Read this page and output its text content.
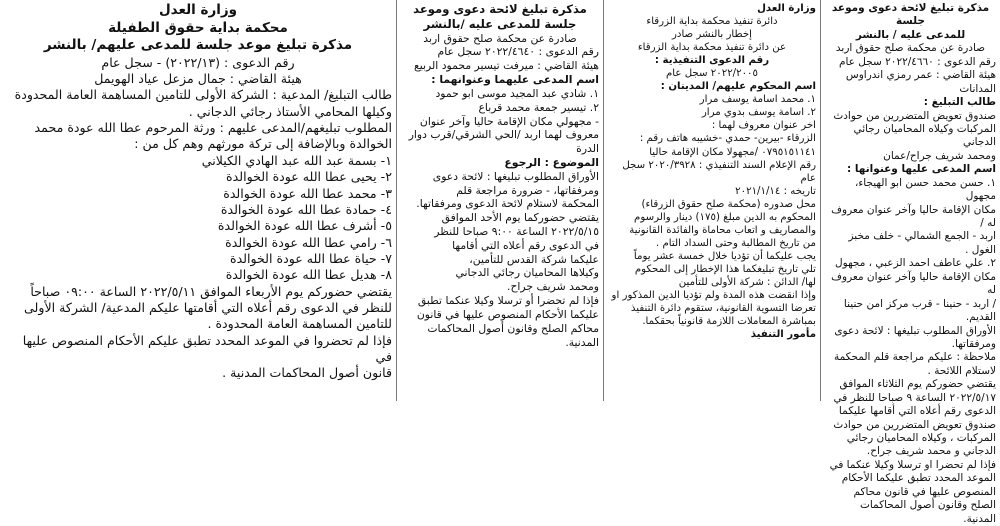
مذكرة تبليغ لائحة دعوى وموعد جلسة

للمدعى عليه / بالنشر

صادرة عن محكمة صلح حقوق اربد

رقم الدعوى : ٢٠٢٢/٤٦٦٠ سجل عام

هيئة القاضي : عمر رمزي اندراوس المدانات

طالب التبليغ :

صندوق تعويض المتضررين من حوادث

المركبات وكيلاه المحاميان رجائي الدجاني

ومحمد شريف جراح/عمان

اسم المدعى عليها وعنوانها :

١. حسن محمد حسن ابو الهيجاء، مجهول

مكان الإقامة حاليا وآخر عنوان معروف له /

اربد - الجمع الشمالي - خلف مخبز الغول .

٢. علي عاطف احمد الزعبي ، مجهول

مكان الإقامة حاليا وآخر عنوان معروف له

/ اربد - حنينا - قرب مركز امن حنينا القديم.

الأوراق المطلوب تبليغها : لائحة دعوى ومرفقاتها.

ملاحظة : عليكم مراجعة قلم المحكمة

لاستلام اللائحة .

يقتضي حضوركم يوم الثلاثاء الموافق

٢٠٢٢/٥/١٧ الساعة ٩ صباحا للنظر في

الدعوى رقم أعلاه التي أقامها عليكما

صندوق تعويض المتضررين من حوادث

المركبات ، وكيلاه المحاميان رجائي

الدجاني و محمد شريف جراح.

فإذا لم تحضرا او ترسلا وكيلا عنكما في

الموعد المحدد تطبق عليكما الأحكام

المنصوص عليها في قانون محاكم

الصلح وقانون أصول المحاكمات المدنية.

وزارة العدل

دائرة تنفيذ محكمة بداية الزرقاء

إخطار بالنشر صادر

عن دائرة تنفيذ محكمة بداية الزرقاء

رقم الدعوى التنفيذية :

٢٠٢٢/٢٠٠٥ سجل عام

اسم المحكوم عليهم/ المدينان :

١. محمد اسامة يوسف مرار

٢. اسامة يوسف بدوي مرار

اخر عنوان معروف لهما :

الزرقاء -بيرين- حمدي -خشيبه هاتف رقم :

٠٧٩٥١٥١١٤١ /مجهولا مكان الإقامة حاليا

رقم الإعلام السند التنفيذي : ٢٠٢٠/٣٩٢٨ سجل عام

تاريخه : ٢٠٢١/١/١٤

محل صدوره (محكمة صلح حقوق الزرقاء)

المحكوم به الدين مبلغ (١٧٥) دينار والرسوم

والمصاريف و اتعاب محاماة والفائدة القانونية

من تاريخ المطالبة وحتى السداد التام .

يجب عليكما أن تؤديا خلال خمسة عشر يوماً

تلي تاريخ تبليغكما هذا الإخطار إلى المحكوم

لها/ الدائن : شركة الأولى للتأمين

وإذا انقضت هذه المدة ولم تؤديا الدين المذكور او

تعرضا التسوية القانونية، ستقوم دائرة التنفيذ

بمباشرة المعاملات اللازمة قانونياً بحقكما.

مأمور التنفيذ

مذكرة تبليغ لائحة دعوى وموعد

جلسة للمدعى عليه /بالنشر

صادرة عن محكمة صلح حقوق اربد

رقم الدعوى : ٢٠٢٢/٤٦٤٠ سجل عام

هيئة القاضي : ميرفت تيسير محمود الربيع

اسم المدعى عليهما وعنوانهما :

١. شادي عبد المجيد موسى ابو حمود

٢. تيسير جمعة محمد قرباع

- مجهولي مكان الإقامة حاليا وآخر عنوان

معروف لهما اربد /الحي الشرقي/قرب دوار الدرة

الموضوع : الرجوع

الأوراق المطلوب تبليغها : لائحة دعوى

ومرفقاتها، - ضرورة مراجعة قلم

المحكمة لاستلام لائحة الدعوى ومرفقاتها.

يقتضي حضوركما يوم الأحد الموافق

٢٠٢٢/٥/١٥ الساعة ٩:٠٠ صباحا للنظر

في الدعوى رقم أعلاه التي أقامها

عليكما شركة القدس للتأمين،

وكيلاها المحاميان رجائي الدجاني

ومحمد شريف جراح.

فإذا لم تحضرا أو ترسلا وكيلا عنكما تطبق

عليكما الأحكام المنصوص عليها في قانون

محاكم الصلح وقانون أصول المحاكمات المدنية.

وزارة العدل

محكمة بداية حقوق الطفيلة

مذكرة تبليغ موعد جلسة للمدعى عليهم/ بالنشر

رقم الدعوى : (٢٠٢٢/١٣) - سجل عام

هيئة القاضي : جمال مزعل عياد الهويمل

طالب التبليغ/ المدعية : الشركة الأولى للتامين المساهمة العامة المحدودة

وكيلها المحامي الأستاذ رجائي الدجاني .

المطلوب تبليغهم/المدعى عليهم : ورثة المرحوم عطا الله عودة محمد

الخوالدة وبالإضافة إلى تركة مورثهم وهم كل من :

١- بسمة عبد الله عبد الهادي الكيلاني

٢- يحيى عطا الله عودة الخوالدة

٣- محمد عطا الله عودة الخوالدة

٤- حمادة عطا الله عودة الخوالدة

٥- أشرف عطا الله عودة الخوالدة

٦- رامي عطا الله عودة الخوالدة

٧- حياة عطا الله عودة الخوالدة

٨- هديل عطا الله عودة الخوالدة

يقتضي حضوركم يوم الأربعاء الموافق ٢٠٢٢/٥/١١ الساعة ٠٩:٠٠ صباحاً

للنظر في الدعوى رقم أعلاه التي أقامتها عليكم المدعية/ الشركة الأولى

للتامين المساهمة العامة المحدودة .

فإذا لم تحضروا في الموعد المحدد تطبق عليكم الأحكام المنصوص عليها في

قانون أصول المحاكمات المدنية .
